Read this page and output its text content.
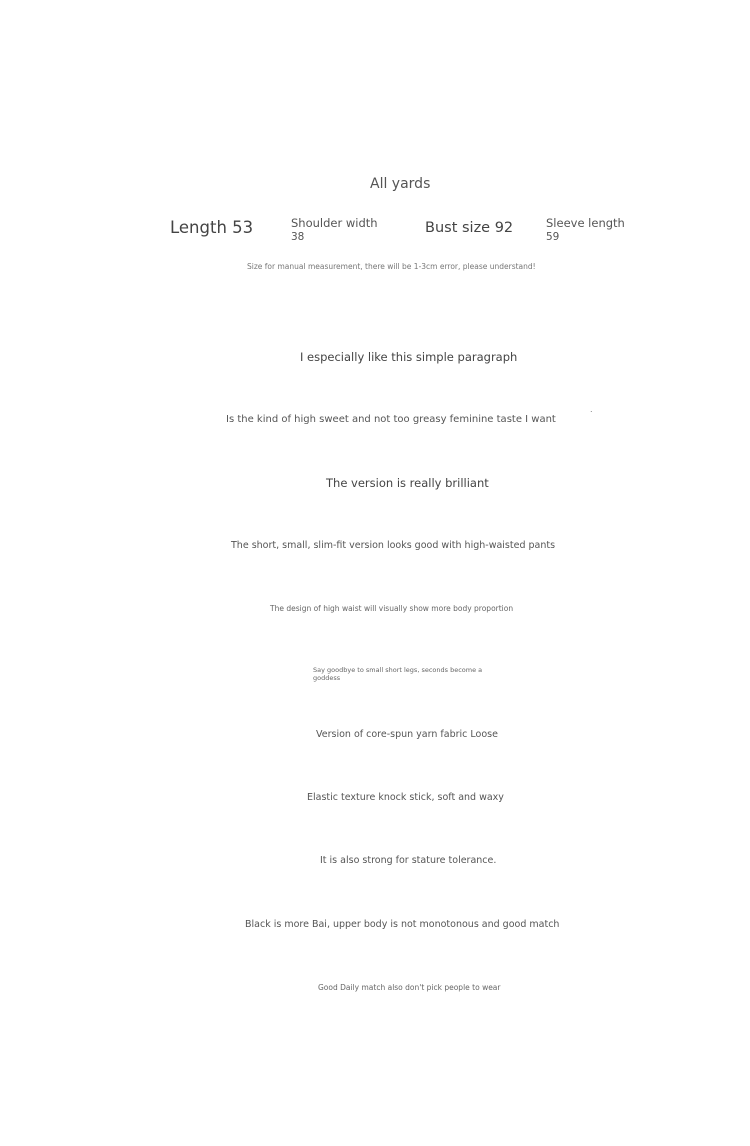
All yards
Length 53	Shoulder width
38
Bust size 92	Sleeve length
59
Size for manual measurement, there will be 1-3cm error, please understand!
I especially like this simple paragraph
Is the kind of high sweet and not too greasy feminine taste I want
.
The version is really brilliant
The short, small, slim-fit version looks good with high-waisted pants
The design of high waist will visually show more body proportion
Say goodbye to small short legs, seconds become a goddess
Version of core-spun yarn fabric Loose
Elastic texture knock stick, soft and waxy
It is also strong for stature tolerance.
Black is more Bai, upper body is not monotonous and good match
Good Daily match also don't pick people to wear
